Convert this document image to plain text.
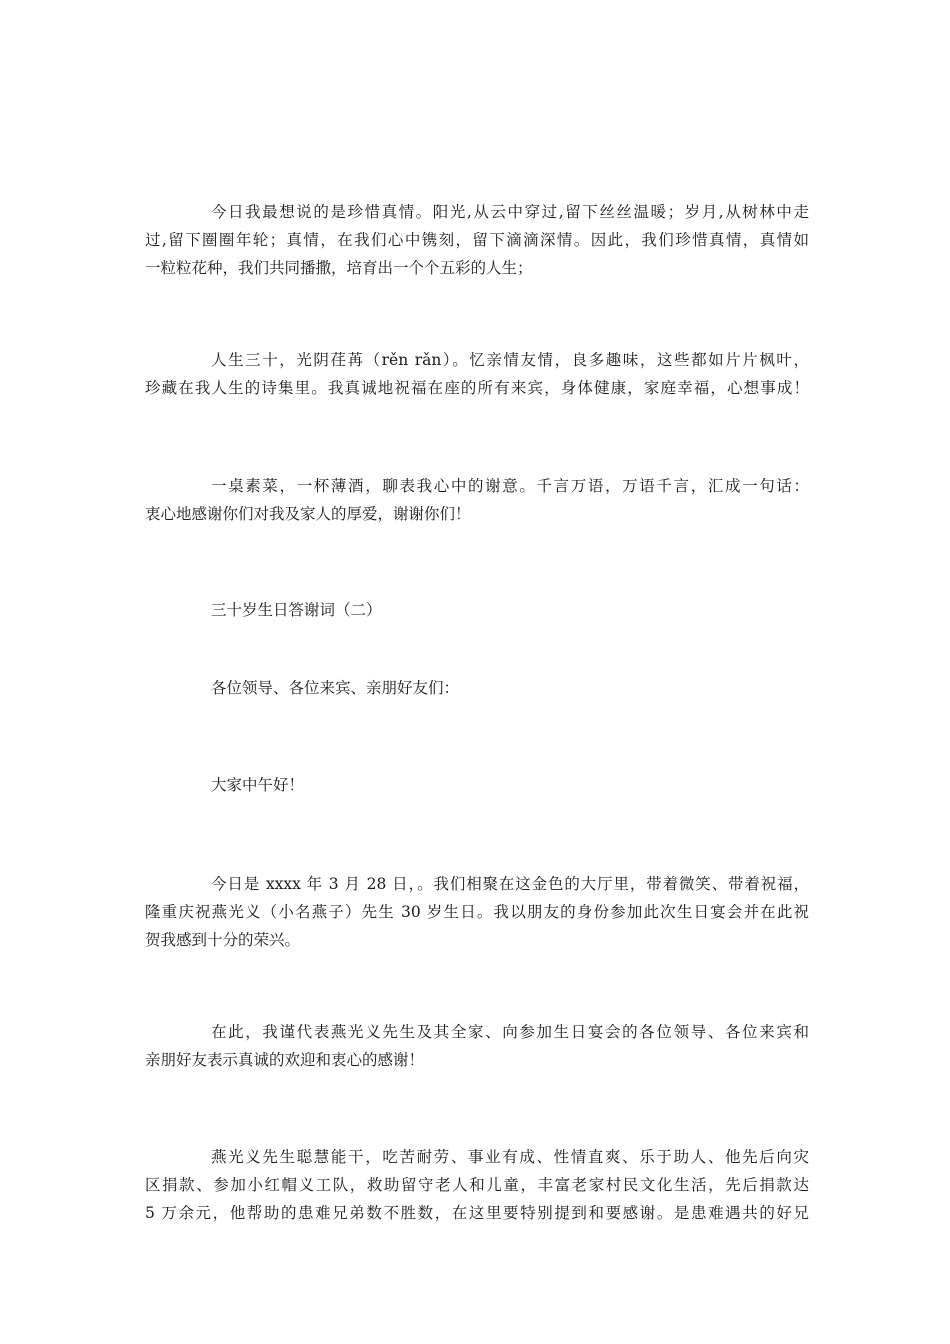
今日我最想说的是珍惜真情。阳光,从云中穿过,留下丝丝温暖；岁月,从树林中走
过,留下圈圈年轮；真情，在我们心中镌刻，留下滴滴深情。因此，我们珍惜真情，真情如
一粒粒花种，我们共同播撒，培育出一个个五彩的人生；
人生三十，光阴荏苒（rěn rǎn）。忆亲情友情，良多趣味，这些都如片片枫叶，
珍藏在我人生的诗集里。我真诚地祝福在座的所有来宾，身体健康，家庭幸福，心想事成！
一桌素菜，一杯薄酒，聊表我心中的谢意。千言万语，万语千言，汇成一句话：
衷心地感谢你们对我及家人的厚爱，谢谢你们！
三十岁生日答谢词（二）
各位领导、各位来宾、亲朋好友们：
大家中午好！
今日是 xxxx 年 3 月 28 日，。我们相聚在这金色的大厅里，带着微笑、带着祝福，
隆重庆祝燕光义（小名燕子）先生 30 岁生日。我以朋友的身份参加此次生日宴会并在此祝
贺我感到十分的荣兴。
在此，我谨代表燕光义先生及其全家、向参加生日宴会的各位领导、各位来宾和
亲朋好友表示真诚的欢迎和衷心的感谢！
燕光义先生聪慧能干，吃苦耐劳、事业有成、性情直爽、乐于助人、他先后向灾
区捐款、参加小红帽义工队，救助留守老人和儿童，丰富老家村民文化生活，先后捐款达
5 万余元，他帮助的患难兄弟数不胜数，在这里要特别提到和要感谢。是患难遇共的好兄
